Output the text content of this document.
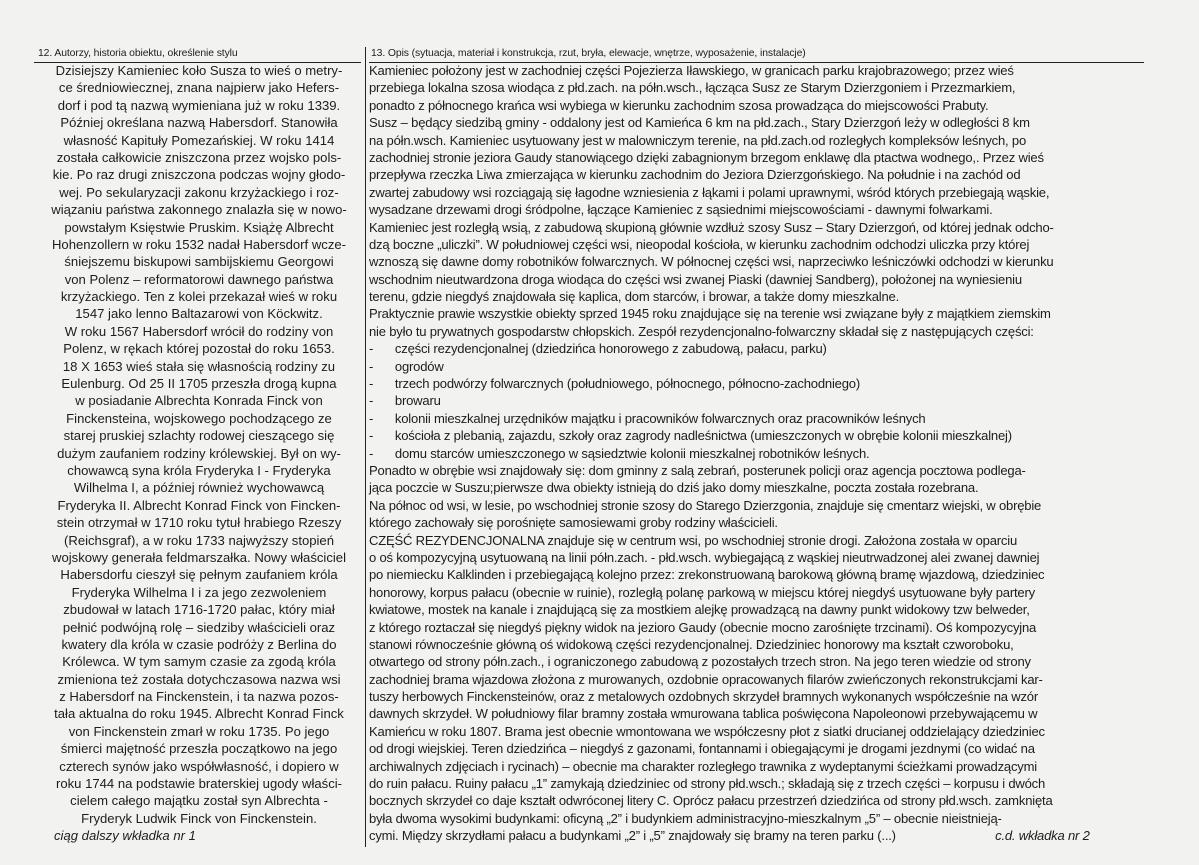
12. Autorzy, historia obiektu, określenie stylu
Dzisiejszy Kamieniec koło Susza to wieś o metry-
ce średniowiecznej, znana najpierw jako Hefers-
dorf i pod tą nazwą wymieniana już w roku 1339.
Później określana nazwą Habersdorf. Stanowiła
własność Kapituły Pomezańskiej. W roku 1414
została całkowicie zniszczona przez wojsko pols-
kie. Po raz drugi zniszczona podczas wojny głodo-
wej. Po sekularyzacji zakonu krzyżackiego i roz-
wiązaniu państwa zakonnego znalazła się w nowo-
powstałym Księstwie Pruskim. Książę Albrecht
Hohenzollern w roku 1532 nadał Habersdorf wcze-
śniejszemu biskupowi sambijskiemu Georgowi
von Polenz – reformatorowi dawnego państwa
krzyżackiego. Ten z kolei przekazał wieś w roku
1547 jako lenno Baltazarowi von Köckwitz.
W roku 1567 Habersdorf wrócił do rodziny von
Polenz, w rękach której pozostał do roku 1653.
18 X 1653 wieś stała się własnością rodziny zu
Eulenburg. Od 25 II 1705 przeszła drogą kupna
w posiadanie Albrechta Konrada Finck von
Finckensteina, wojskowego pochodzącego ze
starej pruskiej szlachty rodowej cieszącego się
dużym zaufaniem rodziny królewskiej. Był on wy-
chowawcą syna króla Fryderyka I - Fryderyka
Wilhelma I, a później również wychowawcą
Fryderyka II. Albrecht Konrad Finck von Fincken-
stein otrzymał w 1710 roku tytuł hrabiego Rzeszy
(Reichsgraf), a w roku 1733 najwyższy stopień
wojskowy generała feldmarszałka. Nowy właściciel
Habersdorfu cieszył się pełnym zaufaniem króla
Fryderyka Wilhelma I i za jego zezwoleniem
zbudował w latach 1716-1720 pałac, który miał
pełnić podwójną rolę – siedziby właścicieli oraz
kwatery dla króla w czasie podróży z Berlina do
Królewca. W tym samym czasie za zgodą króla
zmieniona też została dotychczasowa nazwa wsi
z Habersdorf na Finckenstein, i ta nazwa pozos-
tała aktualna do roku 1945. Albrecht Konrad Finck
von Finckenstein zmarł w roku 1735. Po jego
śmierci majętność przeszła początkowo na jego
czterech synów jako współwłasność, i dopiero w
roku 1744 na podstawie braterskiej ugody właści-
cielem całego majątku został syn Albrechta -
Fryderyk Ludwik Finck von Finckenstein.
ciąg dalszy wkładka nr 1
13. Opis (sytuacja, materiał i konstrukcja, rzut, bryła, elewacje, wnętrze, wyposażenie, instalacje)
Kamieniec położony jest w zachodniej części Pojezierza Iławskiego, w granicach parku krajobrazowego; przez wieś
przebiega lokalna szosa wiodąca z płd.zach. na półn.wsch., łącząca Susz ze Starym Dzierzgoniem i Przezmarkiem,
ponadto z północnego krańca wsi wybiega w kierunku zachodnim szosa prowadząca do miejscowości Prabuty.
Susz – będący siedzibą gminy - oddalony jest od Kamieńca 6 km na płd.zach., Stary Dzierzgoń leży w odległości 8 km
na półn.wsch. Kamieniec usytuowany jest w malowniczym terenie, na płd.zach.od rozległych kompleksów leśnych, po
zachodniej stronie jeziora Gaudy stanowiącego dzięki zabagnionym brzegom enklawę dla ptactwa wodnego,. Przez wieś
przepływa rzeczka Liwa zmierzająca w kierunku zachodnim do Jeziora Dzierzgońskiego. Na południe i na zachód od
zwartej zabudowy wsi rozciągają się łagodne wzniesienia z łąkami i polami uprawnymi, wśród których przebiegają wąskie,
wysadzane drzewami drogi śródpolne, łączące Kamieniec z sąsiednimi miejscowościami - dawnymi folwarkami.
Kamieniec jest rozległą wsią, z zabudową skupioną głównie wzdłuż szosy Susz – Stary Dzierzgoń, od której jednak odcho-
dzą boczne „uliczki”. W południowej części wsi, nieopodal kościoła, w kierunku zachodnim odchodzi uliczka przy której
wznoszą się dawne domy robotników folwarcznych. W północnej części wsi, naprzeciwko leśniczówki odchodzi w kierunku
wschodnim nieutwardzona droga wiodąca do części wsi zwanej Piaski (dawniej Sandberg), położonej na wyniesieniu
terenu, gdzie niegdyś znajdowała się kaplica, dom starców, i browar, a także domy mieszkalne.
Praktycznie prawie wszystkie obiekty sprzed 1945 roku znajdujące się na terenie wsi związane były z majątkiem ziemskim
nie było tu prywatnych gospodarstw chłopskich. Zespół rezydencjonalno-folwarczny składał się z następujących części:
- części rezydencjonalnej (dziedzińca honorowego z zabudową, pałacu, parku)
- ogrodów
- trzech podwórzy folwarcznych (południowego, północnego, północno-zachodniego)
- browaru
- kolonii mieszkalnej urzędników majątku i pracowników folwarcznych oraz pracowników leśnych
- kościoła z plebanią, zajazdu, szkoły oraz zagrody nadleśnictwa (umieszczonych w obrębie kolonii mieszkalnej)
- domu starców umieszczonego w sąsiedztwie kolonii mieszkalnej robotników leśnych.
Ponadto w obrębie wsi znajdowały się: dom gminny z salą zebrań, posterunek policji oraz agencja pocztowa podlega-
jąca poczcie w Suszu;pierwsze dwa obiekty istnieją do dziś jako domy mieszkalne, poczta została rozebrana.
Na północ od wsi, w lesie, po wschodniej stronie szosy do Starego Dzierzgonia, znajduje się cmentarz wiejski, w obrębie
którego zachowały się porośnięte samosiewami groby rodziny właścicieli.
CZĘŚĆ REZYDENCJONALNA znajduje się w centrum wsi, po wschodniej stronie drogi. Założona została w oparciu
o oś kompozycyjną usytuowaną na linii półn.zach. - płd.wsch. wybiegającą z wąskiej nieutrwadzonej alei zwanej dawniej
po niemiecku Kalklinden i przebiegającą kolejno przez: zrekonstruowaną barokową główną bramę wjazdową, dziedziniec
honorowy, korpus pałacu (obecnie w ruinie), rozległą polanę parkową w miejscu której niegdyś usytuowane były partery
kwiatowe, mostek na kanale i znajdującą się za mostkiem alejkę prowadzącą na dawny punkt widokowy tzw belweder,
z którego roztaczał się niegdyś piękny widok na jezioro Gaudy (obecnie mocno zarośnięte trzcinami). Oś kompozycyjna
stanowi równocześnie główną oś widokową części rezydencjonalnej. Dziedziniec honorowy ma kształt czworoboku,
otwartego od strony półn.zach., i ograniczonego zabudową z pozostałych trzech stron. Na jego teren wiedzie od strony
zachodniej brama wjazdowa złożona z murowanych, ozdobnie opracowanych filarów zwieńczonych rekonstrukcjami kar-
tuszy herbowych Finckensteinów, oraz z metalowych ozdobnych skrzydeł bramnych wykonanych współcześnie na wzór
dawnych skrzydeł. W południowy filar bramny została wmurowana tablica poświęcona Napoleonowi przebywającemu w
Kamieńcu w roku 1807. Brama jest obecnie wmontowana we współczesny płot z siatki drucianej oddzielający dziedziniec
od drogi wiejskiej. Teren dziedzińca – niegdyś z gazonami, fontannami i obiegającymi je drogami jezdnymi (co widać na
archiwalnych zdjęciach i rycinach) – obecnie ma charakter rozległego trawnika z wydeptanymi ścieżkami prowadzącymi
do ruin pałacu. Ruiny pałacu „1” zamykają dziedziniec od strony płd.wsch.; składają się z trzech części – korpusu i dwóch
bocznych skrzydeł co daje kształt odwróconej litery C. Oprócz pałacu przestrzeń dziedzińca od strony płd.wsch. zamknięta
była dwoma wysokimi budynkami: oficyną „2” i budynkiem administracyjno-mieszkalnym „5” – obecnie nieistnieją-
cymi. Między skrzydłami pałacu a budynkami „2” i „5” znajdowały się bramy na teren parku (...)	c.d. wkładka nr 2
